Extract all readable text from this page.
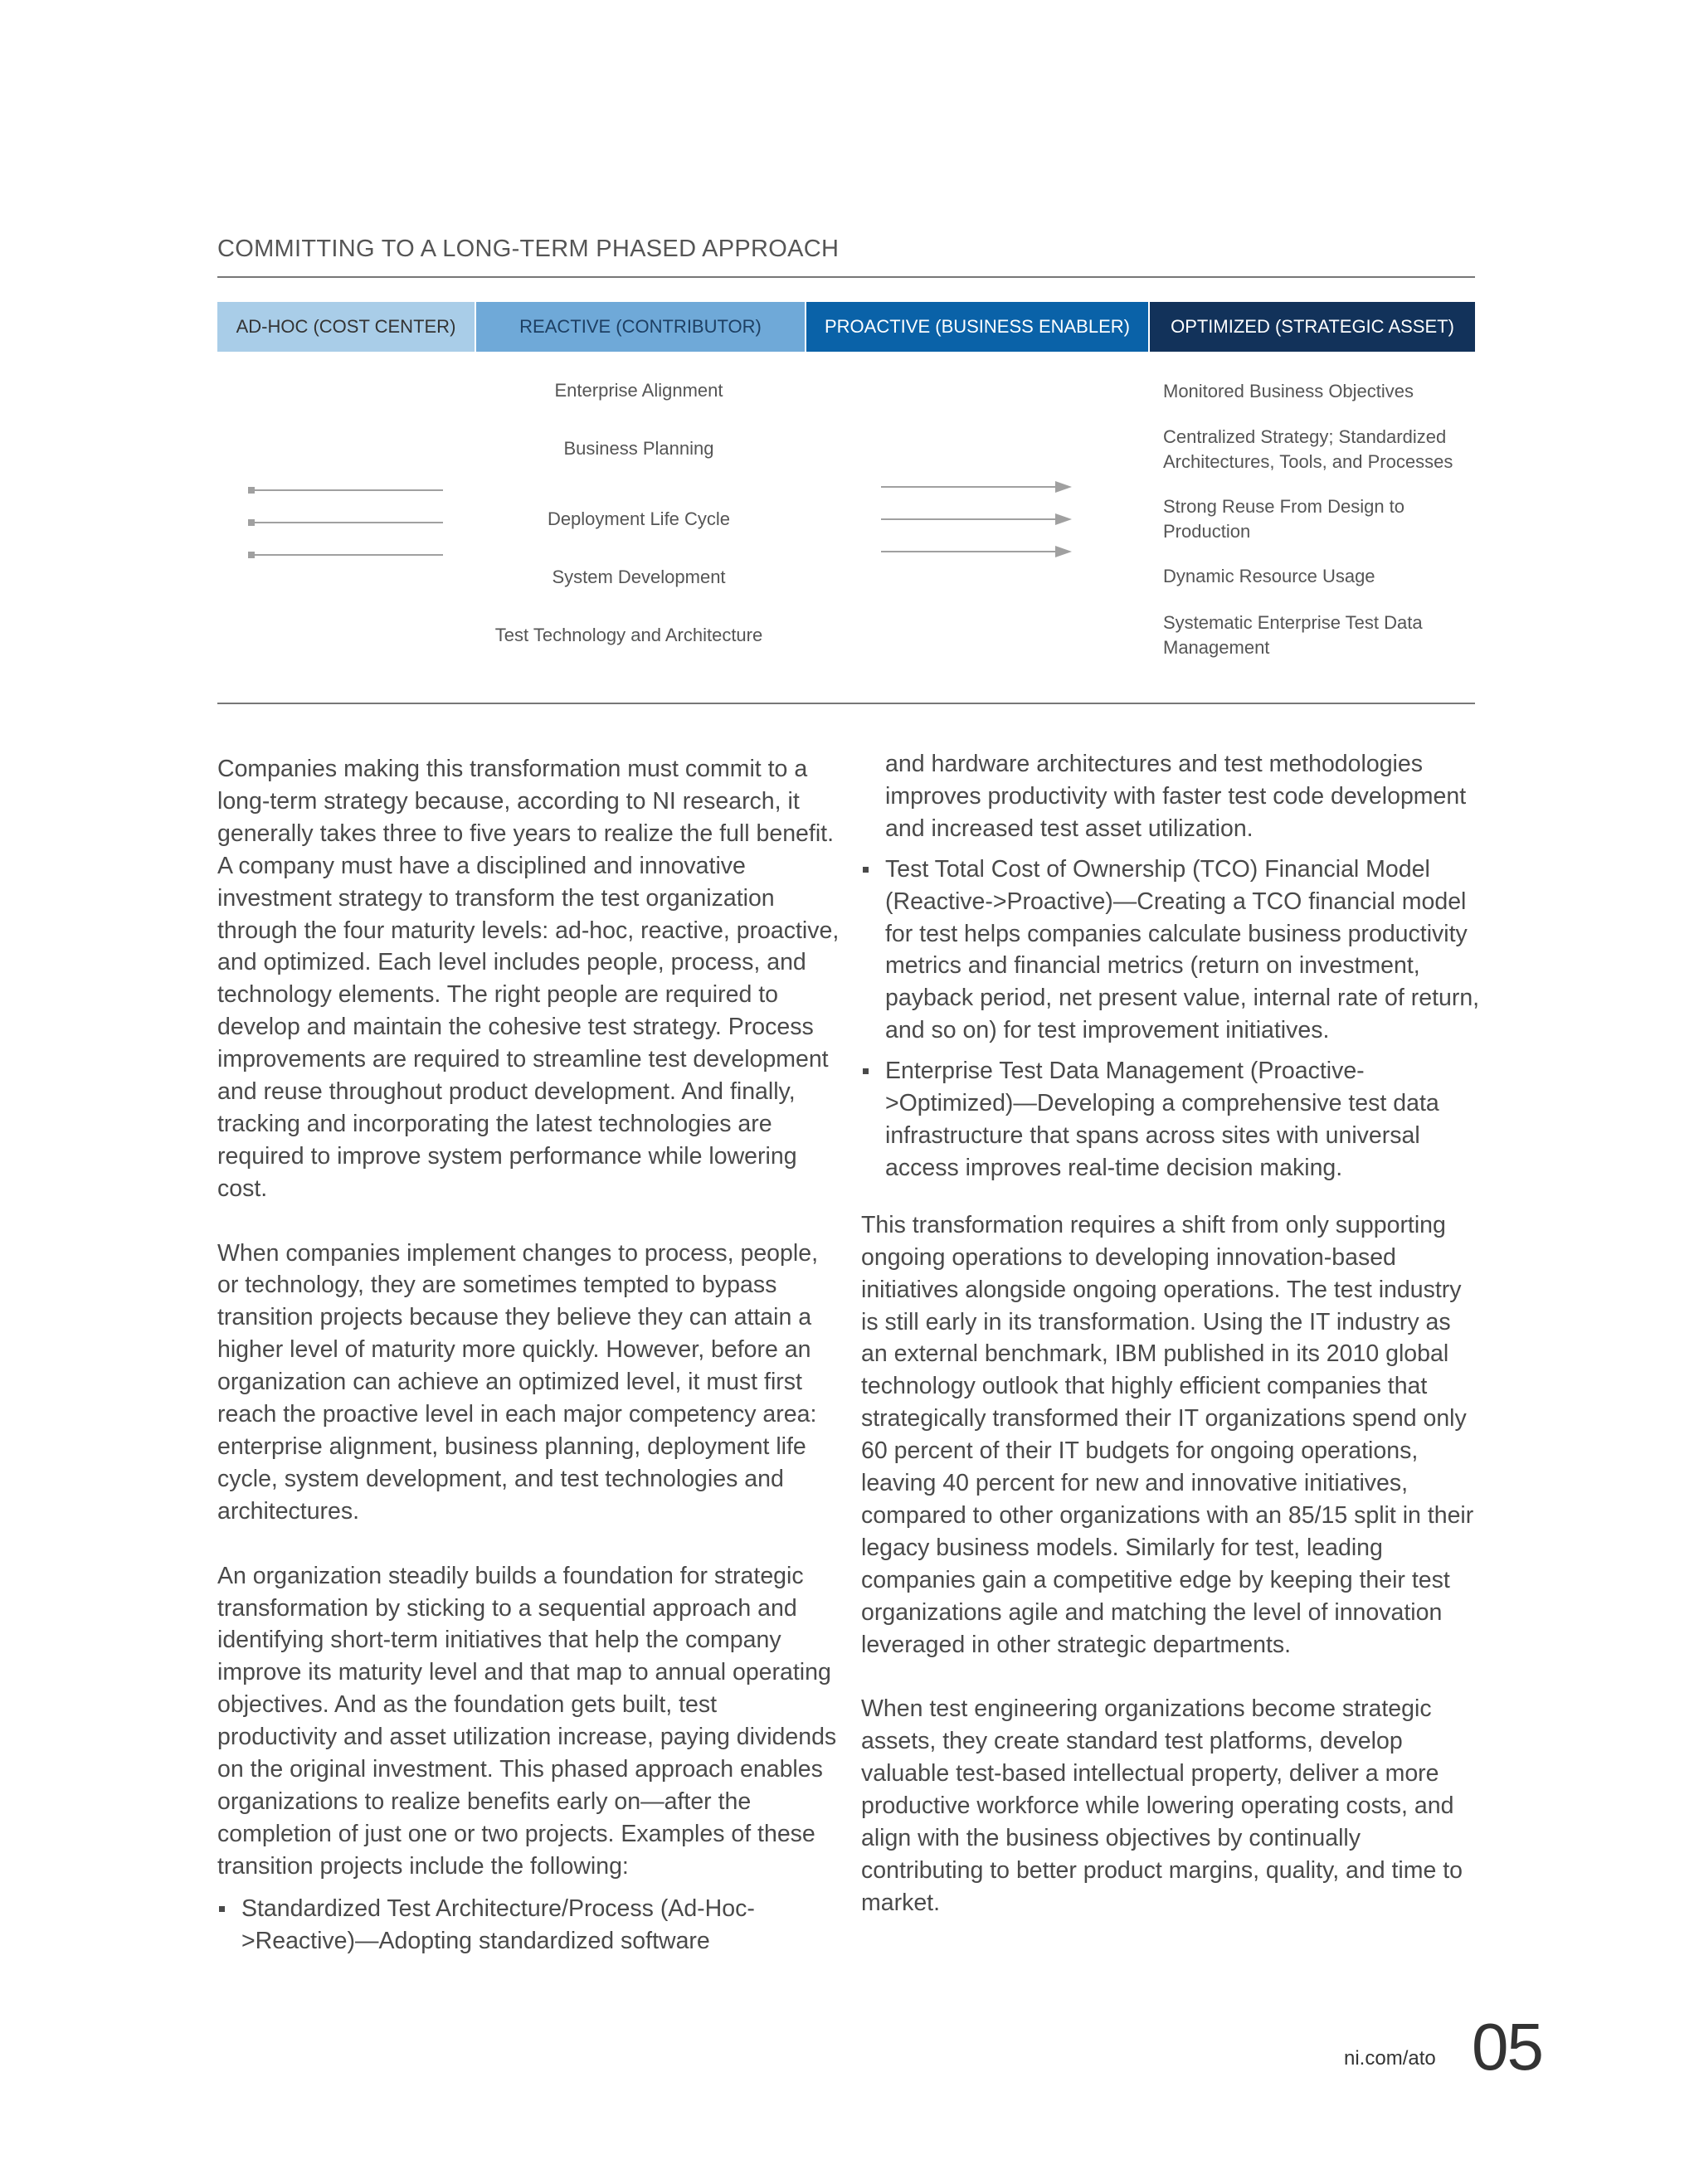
COMMITTING TO A LONG-TERM PHASED APPROACH
AD-HOC (COST CENTER)	REACTIVE (CONTRIBUTOR)	PROACTIVE (BUSINESS ENABLER)	OPTIMIZED (STRATEGIC ASSET)
Enterprise Alignment
Business Planning
Deployment Life Cycle
System Development
Test Technology and Architecture
Monitored Business Objectives
Centralized Strategy; Standardized Architectures, Tools, and Processes
Strong Reuse From Design to Production
Dynamic Resource Usage
Systematic Enterprise Test Data Management

Companies making this transformation must commit to a long-term strategy because, according to NI research, it generally takes three to five years to realize the full benefit. A company must have a disciplined and innovative investment strategy to transform the test organization through the four maturity levels: ad-hoc, reactive, proactive, and optimized. Each level includes people, process, and technology elements. The right people are required to develop and maintain the cohesive test strategy. Process improvements are required to streamline test development and reuse throughout product development. And finally, tracking and incorporating the latest technologies are required to improve system performance while lowering cost.

When companies implement changes to process, people, or technology, they are sometimes tempted to bypass transition projects because they believe they can attain a higher level of maturity more quickly. However, before an organization can achieve an optimized level, it must first reach the proactive level in each major competency area: enterprise alignment, business planning, deployment life cycle, system development, and test technologies and architectures.

An organization steadily builds a foundation for strategic transformation by sticking to a sequential approach and identifying short-term initiatives that help the company improve its maturity level and that map to annual operating objectives. And as the foundation gets built, test productivity and asset utilization increase, paying dividends on the original investment. This phased approach enables organizations to realize benefits early on—after the completion of just one or two projects. Examples of these transition projects include the following:

Standardized Test Architecture/Process (Ad-Hoc->Reactive)—Adopting standardized software
and hardware architectures and test methodologies improves productivity with faster test code development and increased test asset utilization.
Test Total Cost of Ownership (TCO) Financial Model (Reactive->Proactive)—Creating a TCO financial model for test helps companies calculate business productivity metrics and financial metrics (return on investment, payback period, net present value, internal rate of return, and so on) for test improvement initiatives.
Enterprise Test Data Management (Proactive->Optimized)—Developing a comprehensive test data infrastructure that spans across sites with universal access improves real-time decision making.

This transformation requires a shift from only supporting ongoing operations to developing innovation-based initiatives alongside ongoing operations. The test industry is still early in its transformation. Using the IT industry as an external benchmark, IBM published in its 2010 global technology outlook that highly efficient companies that strategically transformed their IT organizations spend only 60 percent of their IT budgets for ongoing operations, leaving 40 percent for new and innovative initiatives, compared to other organizations with an 85/15 split in their legacy business models. Similarly for test, leading companies gain a competitive edge by keeping their test organizations agile and matching the level of innovation leveraged in other strategic departments.

When test engineering organizations become strategic assets, they create standard test platforms, develop valuable test-based intellectual property, deliver a more productive workforce while lowering operating costs, and align with the business objectives by continually contributing to better product margins, quality, and time to market.

ni.com/ato 05
